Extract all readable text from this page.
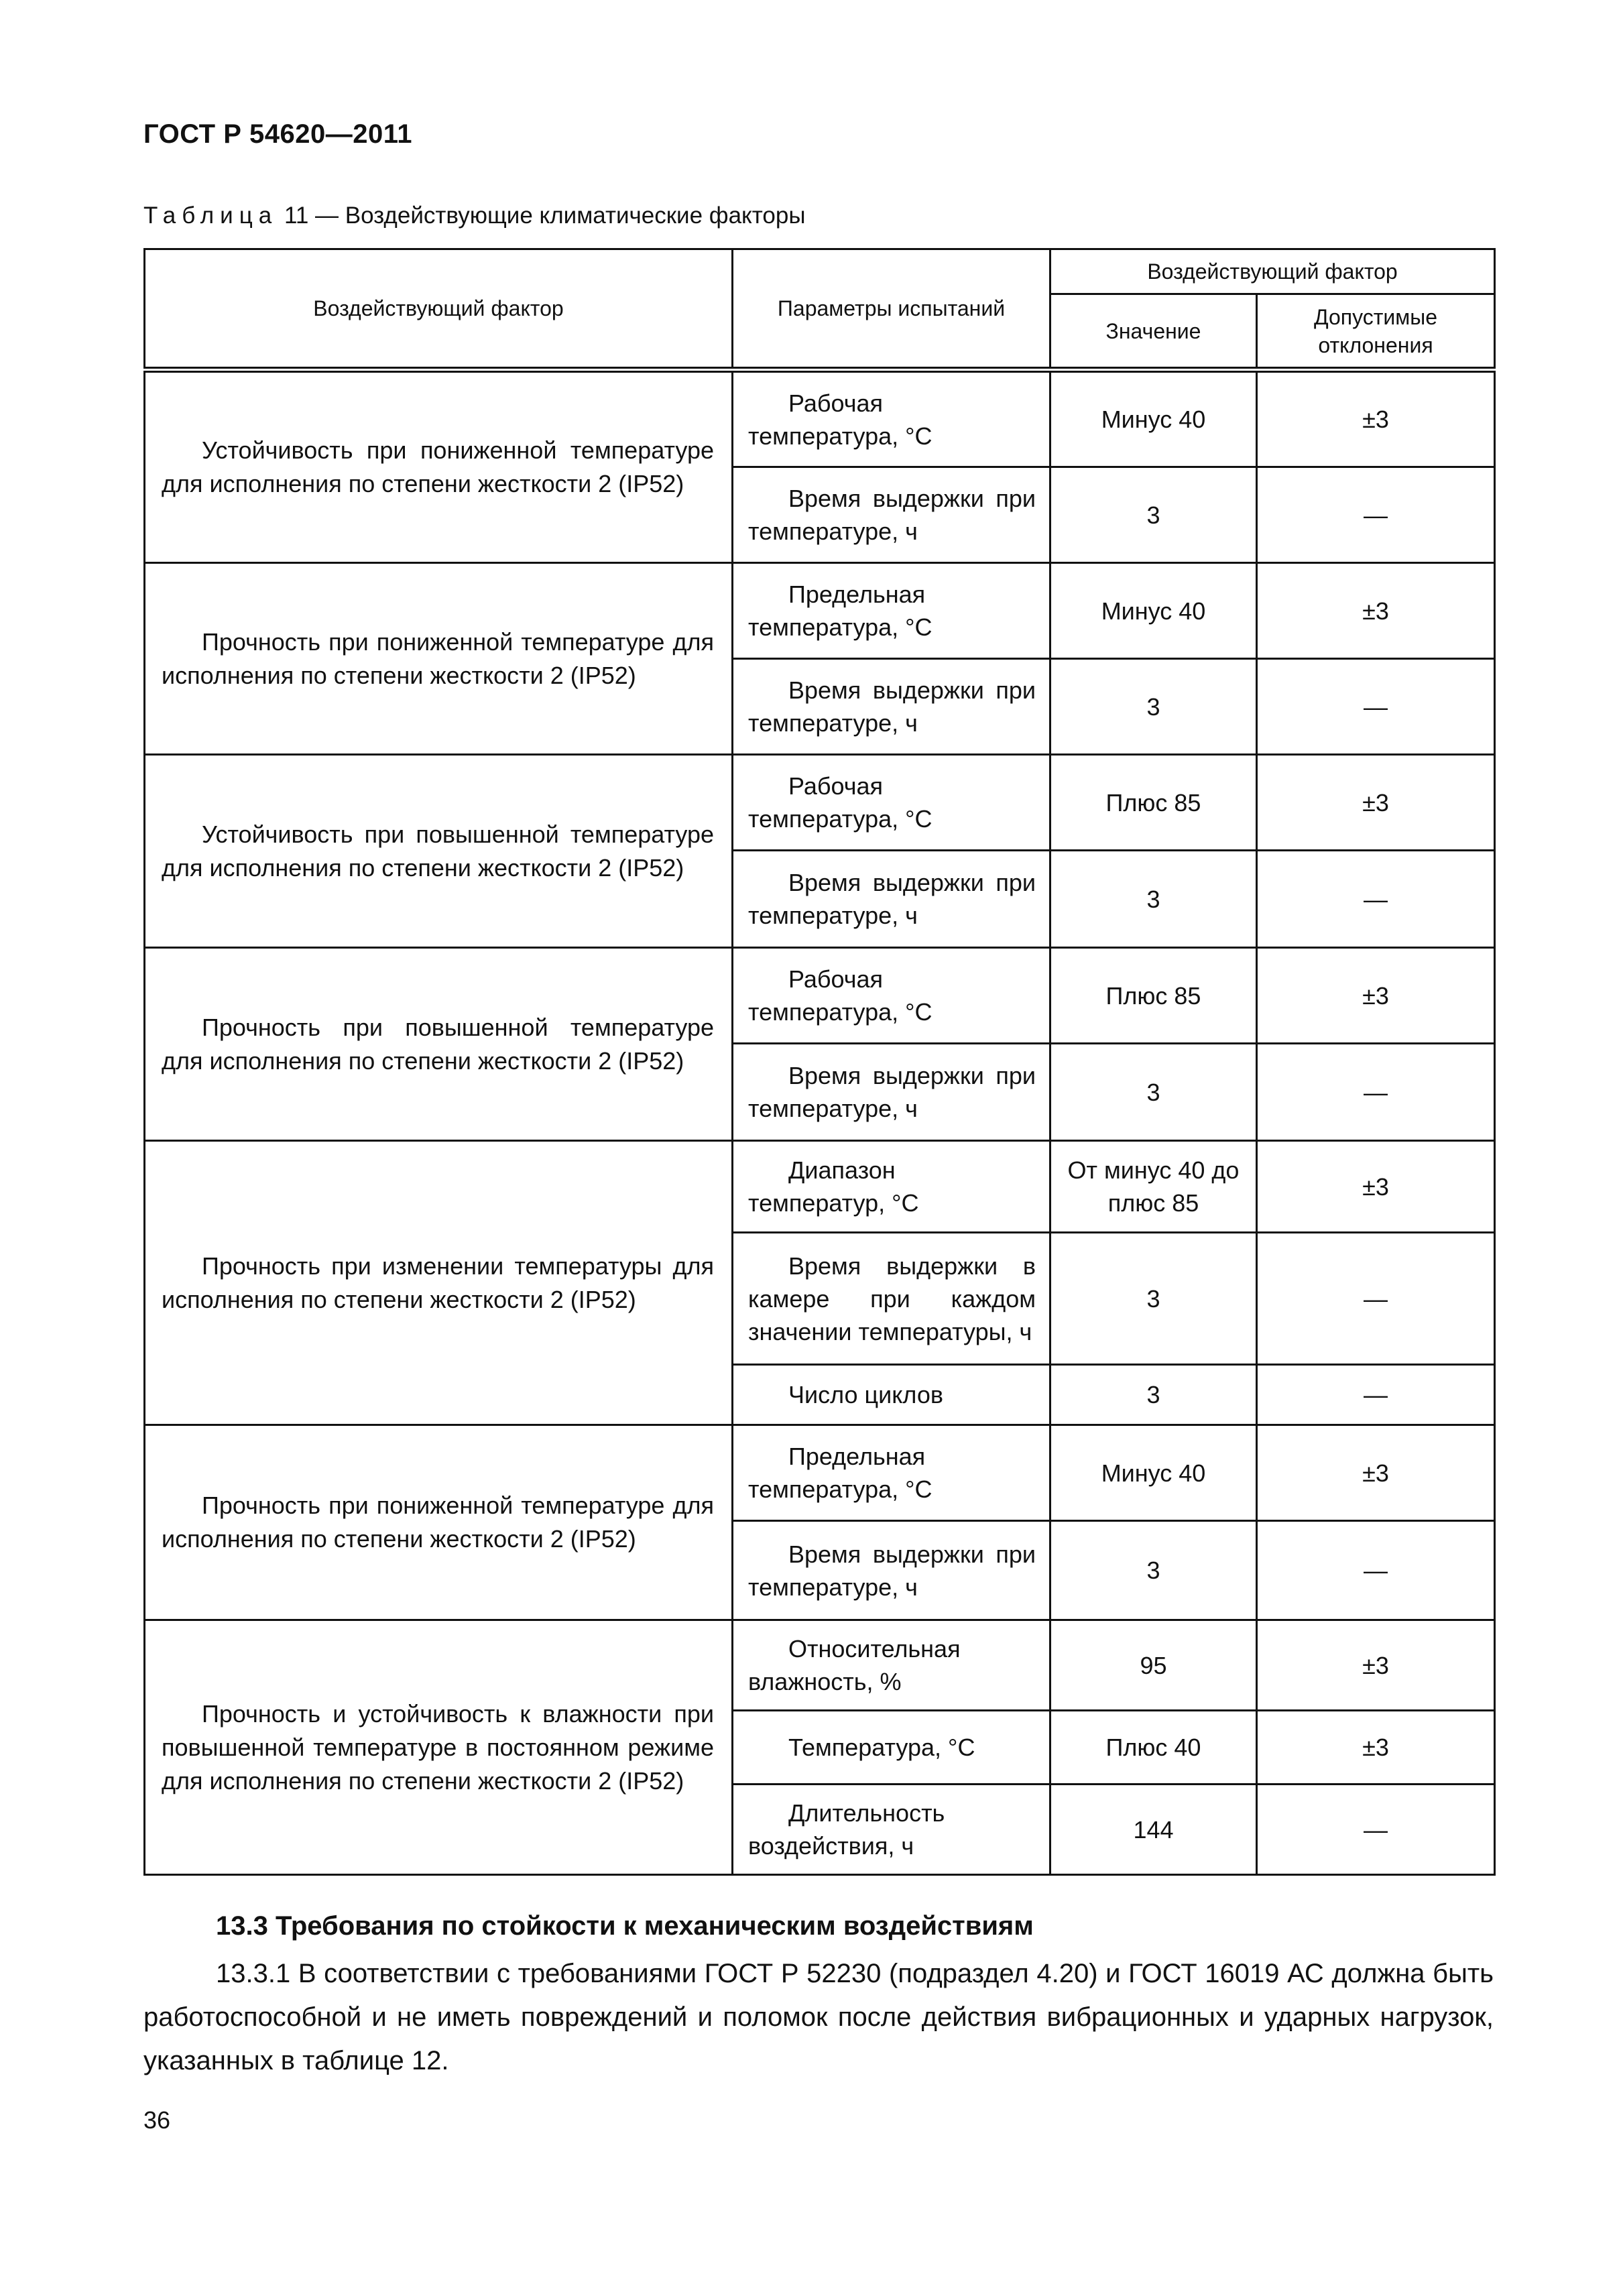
ГОСТ Р 54620—2011
Таблица 11 — Воздействующие климатические факторы
Воздействующий фактор	Параметры испытаний	Воздействующий фактор	
		Значение	Допустимые отклонения
Устойчивость при пониженной температуре для исполнения по степени жесткости 2 (IP52)	Рабочая температура, °С	Минус 40	±3
	Время выдержки при температуре, ч	3	—
Прочность при пониженной температуре для исполнения по степени жесткости 2 (IP52)	Предельная температура, °С	Минус 40	±3
	Время выдержки при температуре, ч	3	—
Устойчивость при повышенной температуре для исполнения по степени жесткости 2 (IP52)	Рабочая температура, °С	Плюс 85	±3
	Время выдержки при температуре, ч	3	—
Прочность при повышенной температуре для исполнения по степени жесткости 2 (IP52)	Рабочая температура, °С	Плюс 85	±3
	Время выдержки при температуре, ч	3	—
Прочность при изменении температуры для исполнения по степени жесткости 2 (IP52)	Диапазон температур, °С	От минус 40 до плюс 85	±3
	Время выдержки в камере при каждом значении температуры, ч	3	—
	Число циклов	3	—
Прочность при пониженной температуре для исполнения по степени жесткости 2 (IP52)	Предельная температура, °С	Минус 40	±3
	Время выдержки при температуре, ч	3	—
Прочность и устойчивость к влажности при повышенной температуре в постоянном режиме для исполнения по степени жесткости 2 (IP52)	Относительная влажность, %	95	±3
	Температура, °С	Плюс 40	±3
	Длительность воздействия, ч	144	—
13.3 Требования по стойкости к механическим воздействиям
13.3.1 В соответствии с требованиями ГОСТ Р 52230 (подраздел 4.20) и ГОСТ 16019 АС должна быть работоспособной и не иметь повреждений и поломок после действия вибрационных и ударных нагрузок, указанных в таблице 12.
36
